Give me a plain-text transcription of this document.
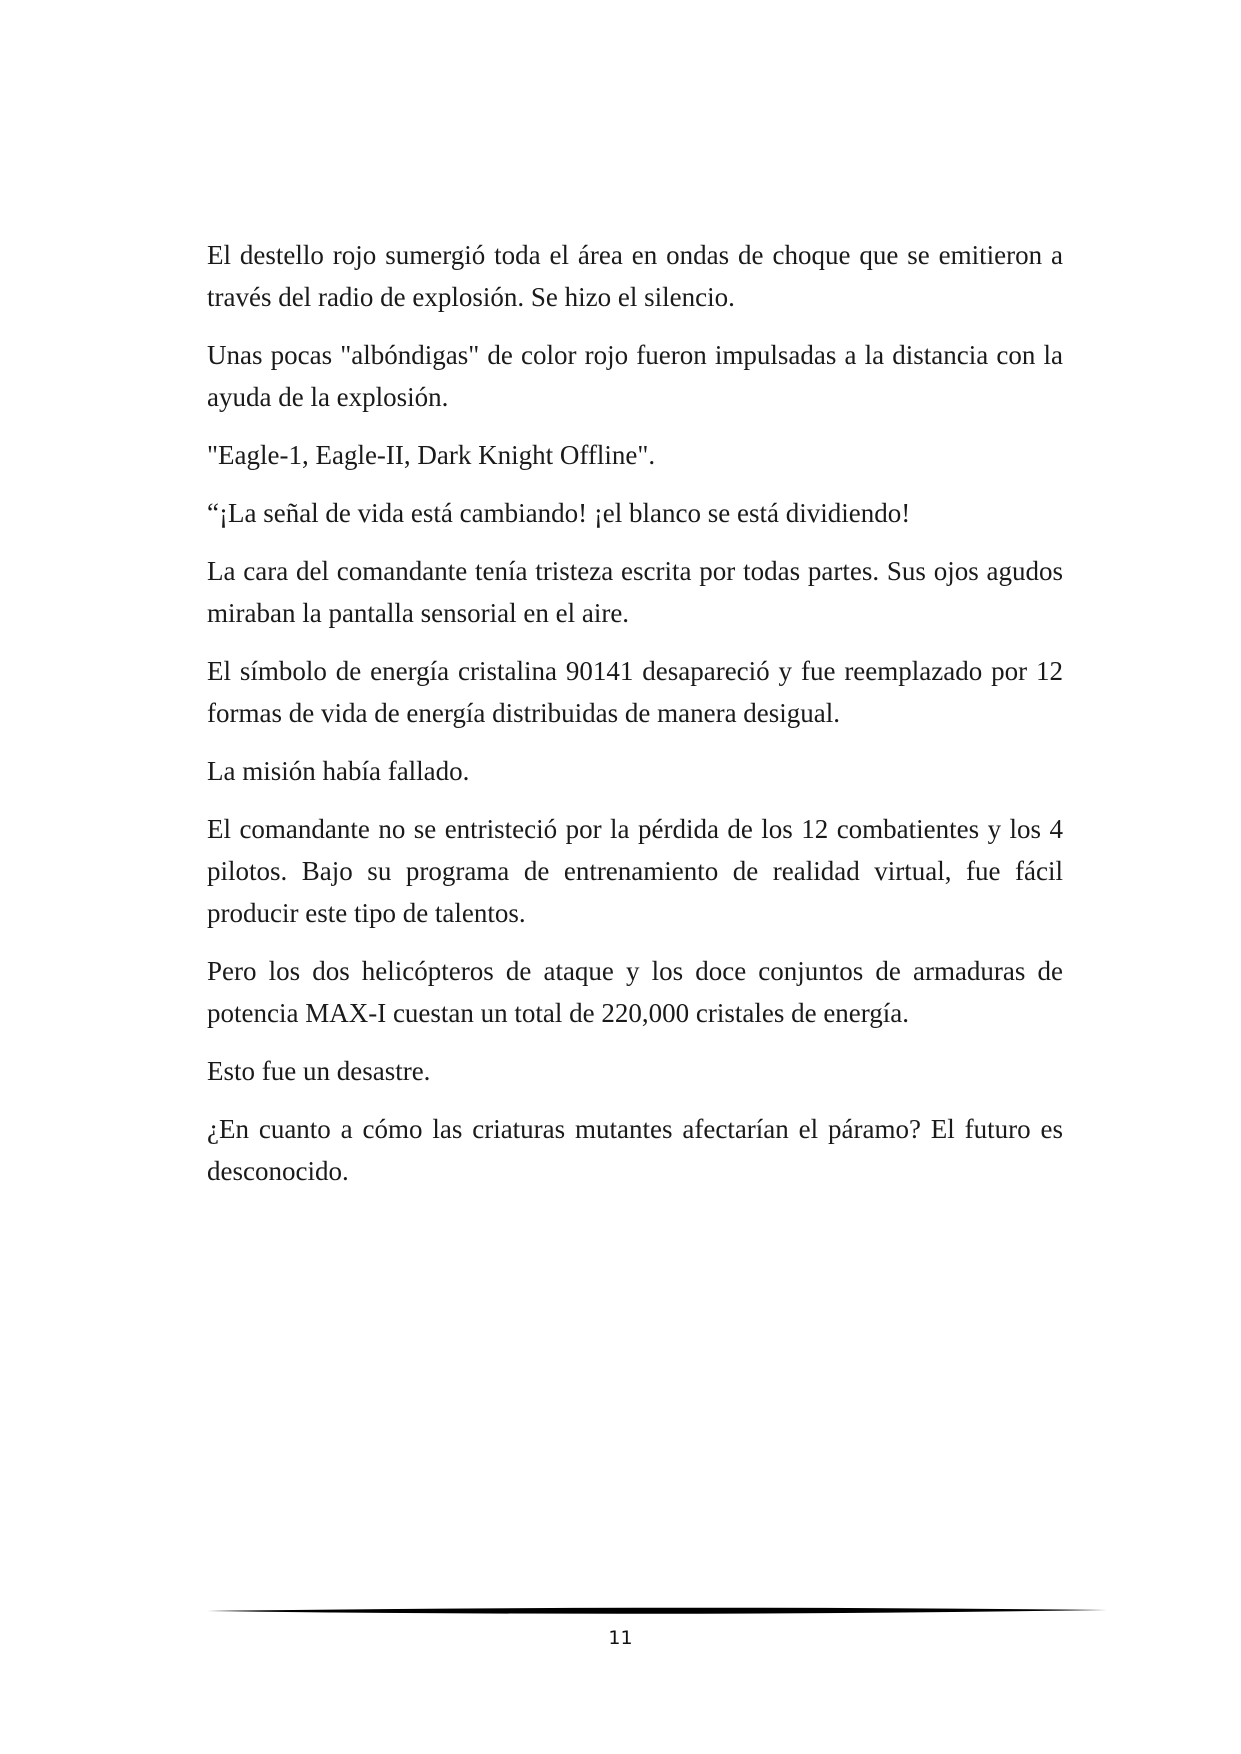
El destello rojo sumergió toda el área en ondas de choque que se emitieron a través del radio de explosión. Se hizo el silencio.

Unas pocas "albóndigas" de color rojo fueron impulsadas a la distancia con la ayuda de la explosión.

"Eagle-1, Eagle-II, Dark Knight Offline".

“¡La señal de vida está cambiando! ¡el blanco se está dividiendo!

La cara del comandante tenía tristeza escrita por todas partes. Sus ojos agudos miraban la pantalla sensorial en el aire.

El símbolo de energía cristalina 90141 desapareció y fue reemplazado por 12 formas de vida de energía distribuidas de manera desigual.

La misión había fallado.

El comandante no se entristeció por la pérdida de los 12 combatientes y los 4 pilotos. Bajo su programa de entrenamiento de realidad virtual, fue fácil producir este tipo de talentos.

Pero los dos helicópteros de ataque y los doce conjuntos de armaduras de potencia MAX-I cuestan un total de 220,000 cristales de energía.

Esto fue un desastre.

¿En cuanto a cómo las criaturas mutantes afectarían el páramo? El futuro es desconocido.

11
